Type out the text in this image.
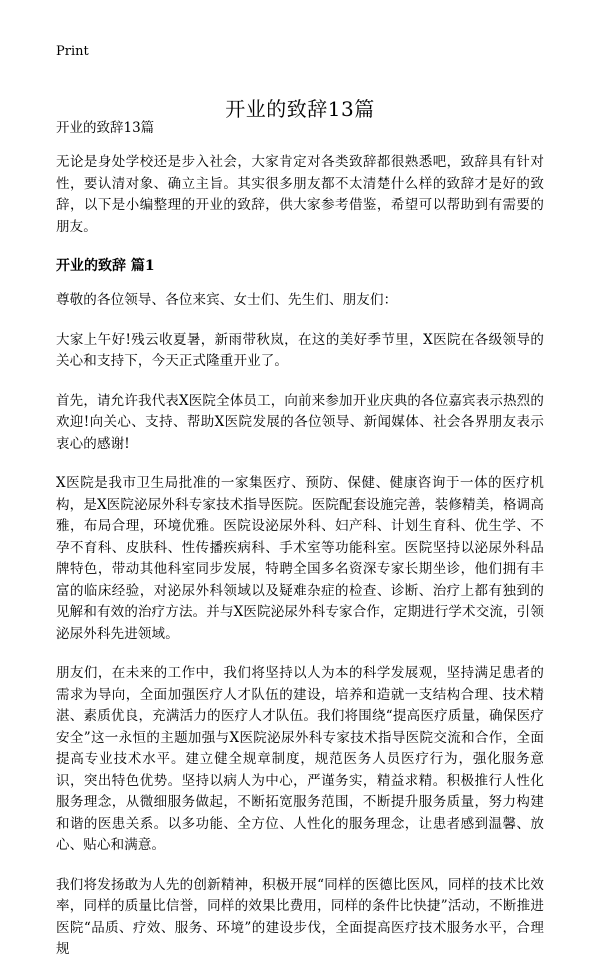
Print
开业的致辞13篇
开业的致辞13篇

无论是身处学校还是步入社会，大家肯定对各类致辞都很熟悉吧，致辞具有针对性，要认清对象、确立主旨。其实很多朋友都不太清楚什么样的致辞才是好的致辞，以下是小编整理的开业的致辞，供大家参考借鉴，希望可以帮助到有需要的朋友。

开业的致辞 篇1

尊敬的各位领导、各位来宾、女士们、先生们、朋友们：

大家上午好!残云收夏暑，新雨带秋岚，在这的美好季节里，X医院在各级领导的关心和支持下，今天正式隆重开业了。

首先，请允许我代表X医院全体员工，向前来参加开业庆典的各位嘉宾表示热烈的欢迎!向关心、支持、帮助X医院发展的各位领导、新闻媒体、社会各界朋友表示衷心的感谢!

X医院是我市卫生局批准的一家集医疗、预防、保健、健康咨询于一体的医疗机构，是X医院泌尿外科专家技术指导医院。医院配套设施完善，装修精美，格调高雅，布局合理，环境优雅。医院设泌尿外科、妇产科、计划生育科、优生学、不孕不育科、皮肤科、性传播疾病科、手术室等功能科室。医院坚持以泌尿外科品牌特色，带动其他科室同步发展，特聘全国多名资深专家长期坐诊，他们拥有丰富的临床经验，对泌尿外科领域以及疑难杂症的检查、诊断、治疗上都有独到的见解和有效的治疗方法。并与X医院泌尿外科专家合作，定期进行学术交流，引领泌尿外科先进领域。

朋友们，在未来的工作中，我们将坚持以人为本的科学发展观，坚持满足患者的需求为导向，全面加强医疗人才队伍的建设，培养和造就一支结构合理、技术精湛、素质优良，充满活力的医疗人才队伍。我们将围绕“提高医疗质量，确保医疗安全”这一永恒的主题加强与X医院泌尿外科专家技术指导医院交流和合作，全面提高专业技术水平。建立健全规章制度，规范医务人员医疗行为，强化服务意识，突出特色优势。坚持以病人为中心，严谨务实，精益求精。积极推行人性化服务理念，从微细服务做起，不断拓宽服务范围，不断提升服务质量，努力构建和谐的医患关系。以多功能、全方位、人性化的服务理念，让患者感到温馨、放心、贴心和满意。

我们将发扬敢为人先的创新精神，积极开展“同样的医德比医风，同样的技术比效率，同样的质量比信誉，同样的效果比费用，同样的条件比快捷”活动，不断推进医院“品质、疗效、服务、环境”的建设步伐，全面提高医疗技术服务水平，合理规
